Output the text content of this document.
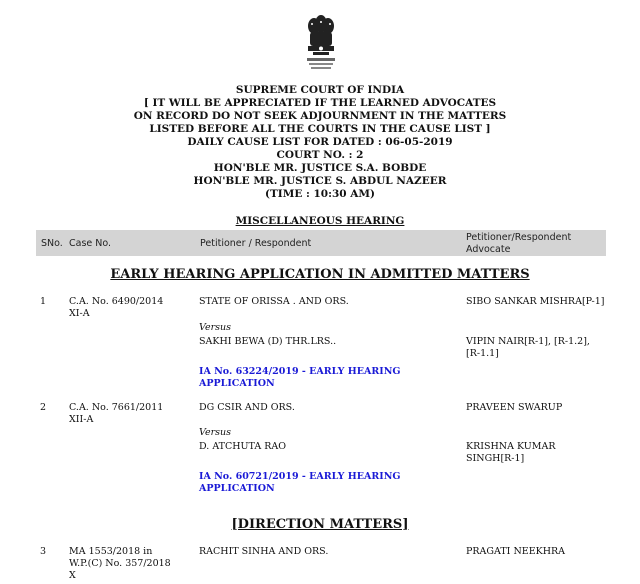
SUPREME COURT OF INDIA
[ IT WILL BE APPRECIATED IF THE LEARNED ADVOCATES
ON RECORD DO NOT SEEK ADJOURNMENT IN THE MATTERS
LISTED BEFORE ALL THE COURTS IN THE CAUSE LIST ]
DAILY CAUSE LIST FOR DATED : 06-05-2019
COURT NO. : 2
HON'BLE MR. JUSTICE S.A. BOBDE
HON'BLE MR. JUSTICE S. ABDUL NAZEER
(TIME : 10:30 AM)
MISCELLANEOUS HEARING
SNo. Case No.	Petitioner / Respondent
Petitioner/Respondent
Advocate
EARLY HEARING APPLICATION IN ADMITTED MATTERS
1 C.A. No. 6490/2014
XI-A
STATE OF ORISSA . AND ORS.
Versus
SAKHI BEWA (D) THR.LRS..
SIBO SANKAR MISHRA[P-1]
VIPIN NAIR[R-1], [R-1.2],
[R-1.1]
IA No. 63224/2019 - EARLY HEARING
APPLICATION
2 C.A. No. 7661/2011
XII-A
DG CSIR AND ORS.
Versus
D. ATCHUTA RAO
PRAVEEN SWARUP
KRISHNA KUMAR
SINGH[R-1]
IA No. 60721/2019 - EARLY HEARING
APPLICATION
[DIRECTION MATTERS]
3 MA 1553/2018 in
W.P.(C) No. 357/2018
X
RACHIT SINHA AND ORS.	PRAGATI NEEKHRA
